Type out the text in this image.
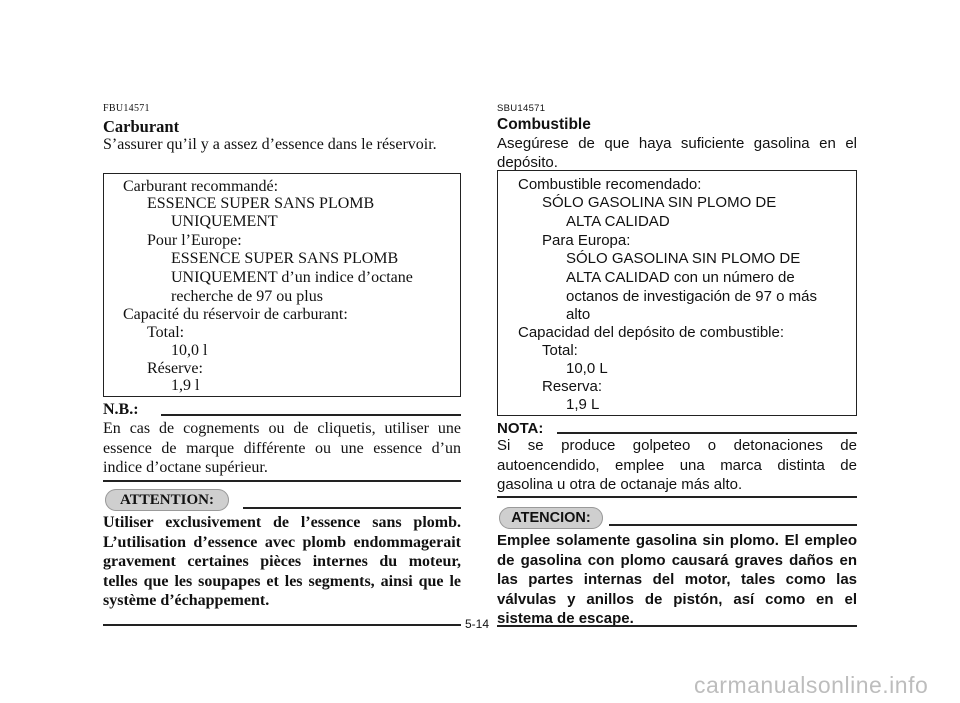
FBU14571
Carburant
S’assurer qu’il y a assez d’essence dans le réservoir.
Carburant recommandé:
ESSENCE SUPER SANS PLOMB
UNIQUEMENT
Pour l’Europe:
ESSENCE SUPER SANS PLOMB
UNIQUEMENT d’un indice d’octane
recherche de 97 ou plus
Capacité du réservoir de carburant:
Total:
10,0 l
Réserve:
1,9 l
N.B.:
En cas de cognements ou de cliquetis, utiliser une essence de marque différente ou une essence d’un indice d’octane supérieur.
ATTENTION:
Utiliser exclusivement de l’essence sans plomb. L’utilisation d’essence avec plomb endommagerait gravement certaines pièces internes du moteur, telles que les soupapes et les segments, ainsi que le système d’échappement.
SBU14571
Combustible
Asegúrese de que haya suficiente gasolina en el depósito.
Combustible recomendado:
SÓLO GASOLINA SIN PLOMO DE
ALTA CALIDAD
Para Europa:
SÓLO GASOLINA SIN PLOMO DE
ALTA CALIDAD con un número de
octanos de investigación de 97 o más
alto
Capacidad del depósito de combustible:
Total:
10,0 L
Reserva:
1,9 L
NOTA:
Si se produce golpeteo o detonaciones de autoencendido, emplee una marca distinta de gasolina u otra de octanaje más alto.
ATENCION:
Emplee solamente gasolina sin plomo. El empleo de gasolina con plomo causará graves daños en las partes internas del motor, tales como las válvulas y anillos de pistón, así como en el sistema de escape.
5-14
carmanualsonline.info
